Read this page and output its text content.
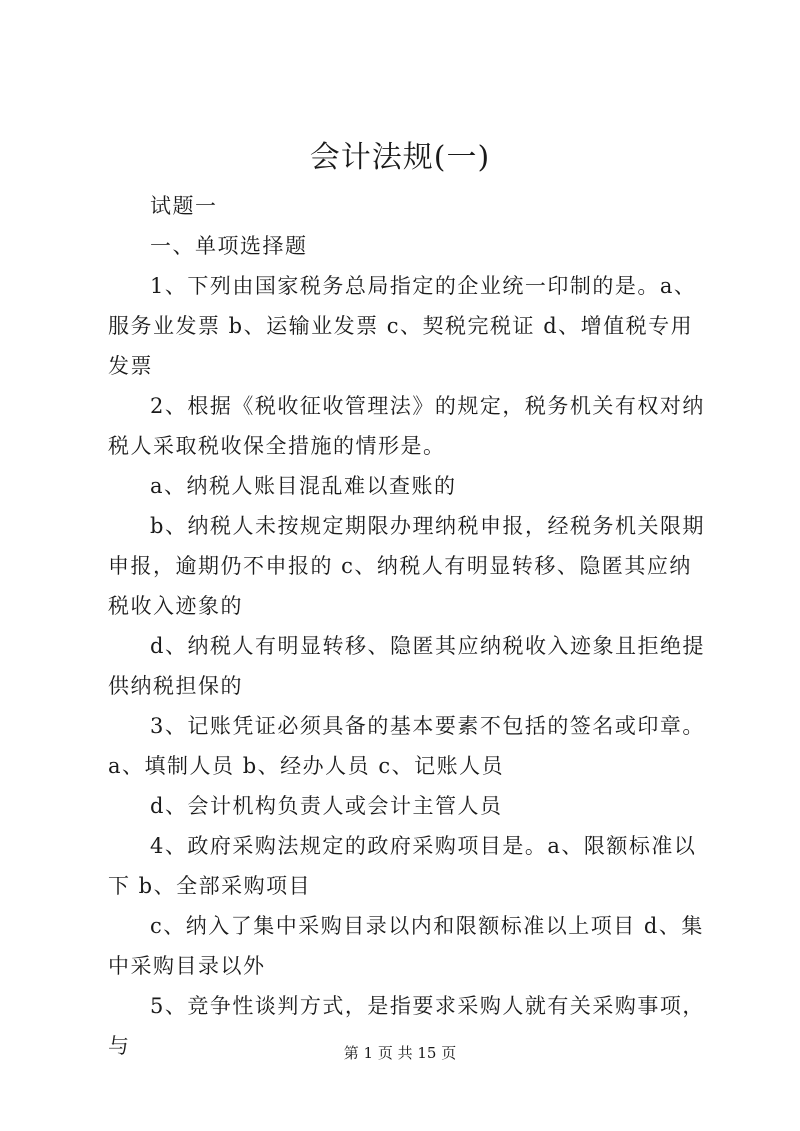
会计法规(一)

试题一

一、单项选择题

1、下列由国家税务总局指定的企业统一印制的是。a、服务业发票 b、运输业发票 c、契税完税证 d、增值税专用发票

2、根据《税收征收管理法》的规定，税务机关有权对纳税人采取税收保全措施的情形是。

a、纳税人账目混乱难以查账的

b、纳税人未按规定期限办理纳税申报，经税务机关限期申报，逾期仍不申报的 c、纳税人有明显转移、隐匿其应纳税收入迹象的

d、纳税人有明显转移、隐匿其应纳税收入迹象且拒绝提供纳税担保的

3、记账凭证必须具备的基本要素不包括的签名或印章。a、填制人员 b、经办人员 c、记账人员

d、会计机构负责人或会计主管人员

4、政府采购法规定的政府采购项目是。a、限额标准以下 b、全部采购项目

c、纳入了集中采购目录以内和限额标准以上项目 d、集中采购目录以外

5、竞争性谈判方式，是指要求采购人就有关采购事项，与	第 1 页 共 15 页
